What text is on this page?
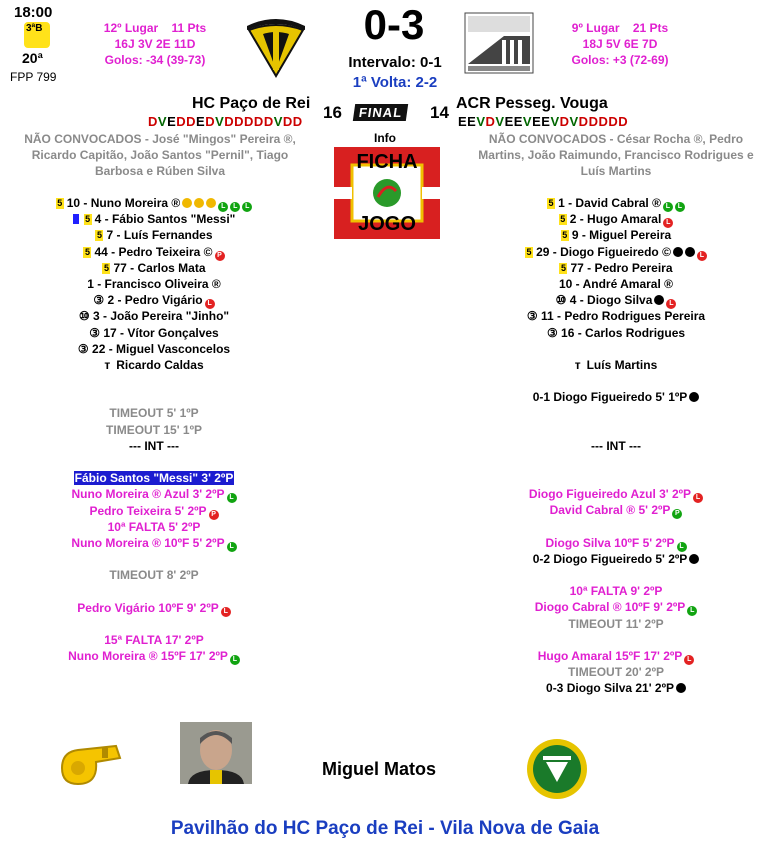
18:00
3ªB
20ª
FPP 799
12º Lugar 11 Pts
16J 3V 2E 11D
Golos: -34 (39-73)
0-3
Intervalo: 0-1
1ª Volta: 2-2
9º Lugar 21 Pts
18J 5V 6E 7D
Golos: +3 (72-69)
HC Paço de Rei	ACR Pesseg. Vouga
DVEDDEDVDDDDDVDD	EEVDVEEVEEVDVDDDDD
16	FINAL 14
NÃO CONVOCADOS - José "Mingos" Pereira ®, Ricardo Capitão, João Santos "Pernil", Tiago Barbosa e Rúben Silva
NÃO CONVOCADOS - César Rocha ®, Pedro Martins, João Raimundo, Francisco Rodrigues e Luís Martins
Info
FICHA
JOGO
5 10 - Nuno Moreira ®	L L L
5 4 - Fábio Santos "Messi"
5 7 - Luís Fernandes
5 44 - Pedro Teixeira © P
5 77 - Carlos Mata
1 - Francisco Oliveira ®
③ 2 - Pedro Vigário L
⑩ 3 - João Pereira "Jinho"
③ 17 - Vítor Gonçalves
③ 22 - Miguel Vasconcelos
5 1 - David Cabral ® L L
5 2 - Hugo Amaral L
5 9 - Miguel Pereira
5 29 - Diogo Figueiredo ©	L
5 77 - Pedro Pereira
10 - André Amaral ®
⑩ 4 - Diogo Silva L
③ 11 - Pedro Rodrigues Pereira
③ 16 - Carlos Rodrigues
ᴛ Ricardo Caldas	ᴛ Luís Martins
TIMEOUT 5' 1ºP
TIMEOUT 15' 1ºP
--- INT ---
Fábio Santos "Messi" 3' 2ºP
Nuno Moreira ® Azul 3' 2ºP L
Pedro Teixeira 5' 2ºP P
10ª FALTA 5' 2ºP
Nuno Moreira ® 10ºF 5' 2ºP L
TIMEOUT 8' 2ºP
Pedro Vigário 10ºF 9' 2ºP L
15ª FALTA 17' 2ºP
Nuno Moreira ® 15ºF 17' 2ºP L
0-1 Diogo Figueiredo 5' 1ºP
--- INT ---
Diogo Figueiredo Azul 3' 2ºP L
David Cabral ® 5' 2ºP P
Diogo Silva 10ºF 5' 2ºP L
0-2 Diogo Figueiredo 5' 2ºP
10ª FALTA 9' 2ºP
Diogo Cabral ® 10ºF 9' 2ºP L
TIMEOUT 11' 2ºP
Hugo Amaral 15ºF 17' 2ºP L
TIMEOUT 20' 2ºP
0-3 Diogo Silva 21' 2ºP
Miguel Matos
Pavilhão do HC Paço de Rei - Vila Nova de Gaia
